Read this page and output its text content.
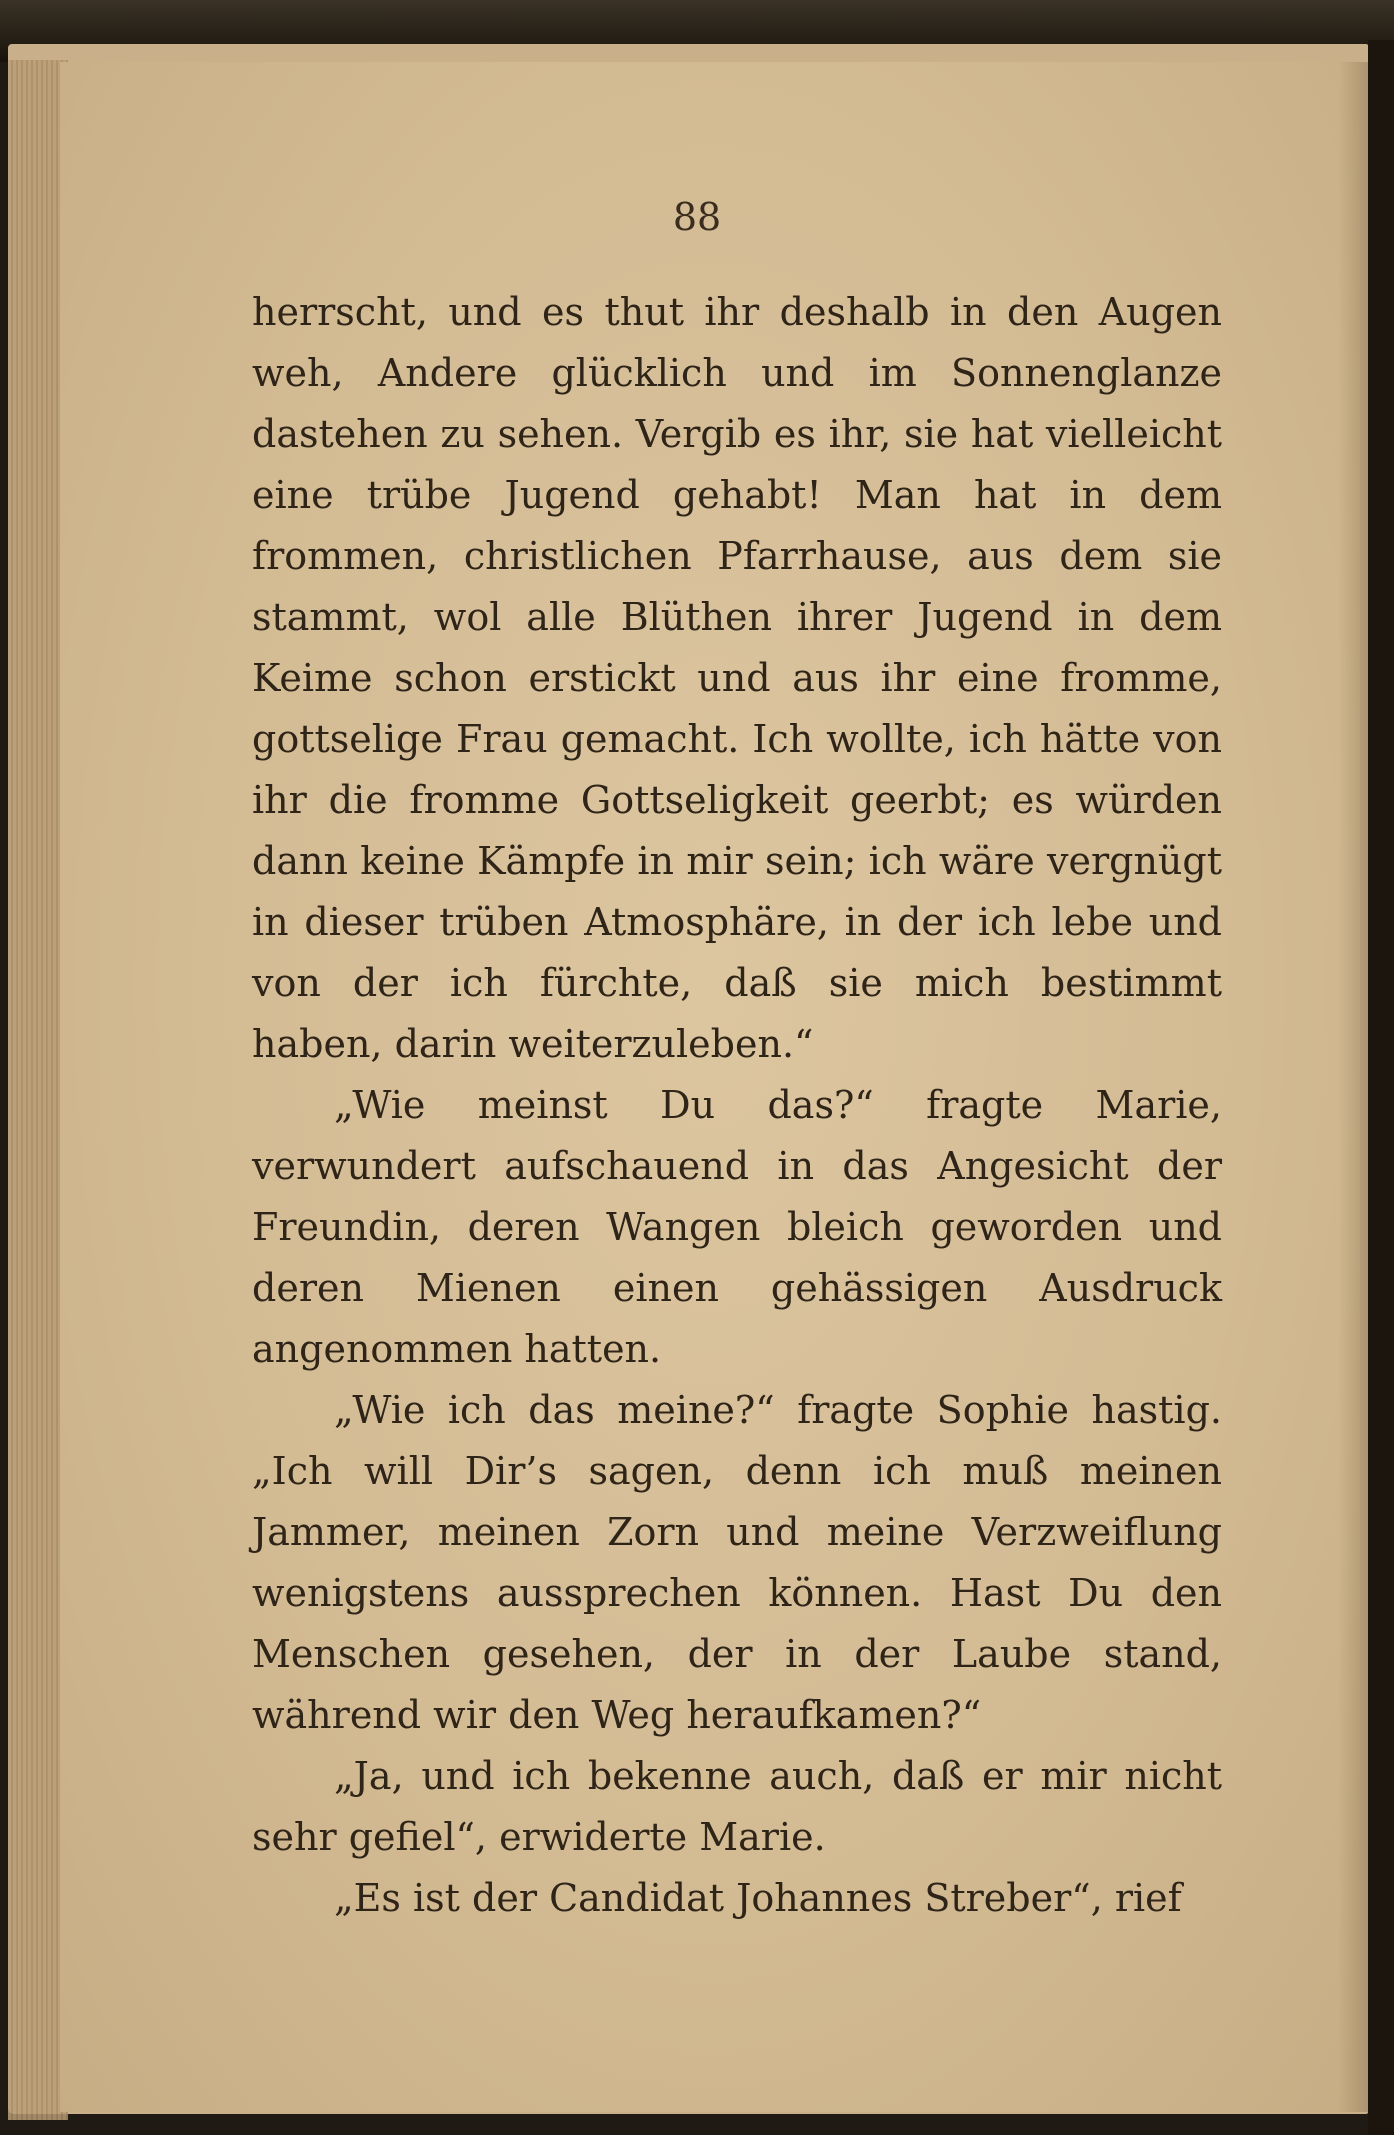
88

herrscht, und es thut ihr deshalb in den Augen weh, Andere glücklich und im Sonnenglanze dastehen zu sehen. Vergib es ihr, sie hat vielleicht eine trübe Jugend gehabt! Man hat in dem frommen, christlichen Pfarrhause, aus dem sie stammt, wol alle Blüthen ihrer Jugend in dem Keime schon erstickt und aus ihr eine fromme, gottselige Frau gemacht. Ich wollte, ich hätte von ihr die fromme Gottseligkeit geerbt; es würden dann keine Kämpfe in mir sein; ich wäre vergnügt in dieser trüben Atmosphäre, in der ich lebe und von der ich fürchte, daß sie mich bestimmt haben, darin weiterzuleben.“

„Wie meinst Du das?“ fragte Marie, verwundert aufschauend in das Angesicht der Freundin, deren Wangen bleich geworden und deren Mienen einen gehässigen Ausdruck angenommen hatten.

„Wie ich das meine?“ fragte Sophie hastig. „Ich will Dir’s sagen, denn ich muß meinen Jammer, meinen Zorn und meine Verzweiflung wenigstens aussprechen können. Hast Du den Menschen gesehen, der in der Laube stand, während wir den Weg heraufkamen?“

„Ja, und ich bekenne auch, daß er mir nicht sehr gefiel“, erwiderte Marie.

„Es ist der Candidat Johannes Streber“, rief
